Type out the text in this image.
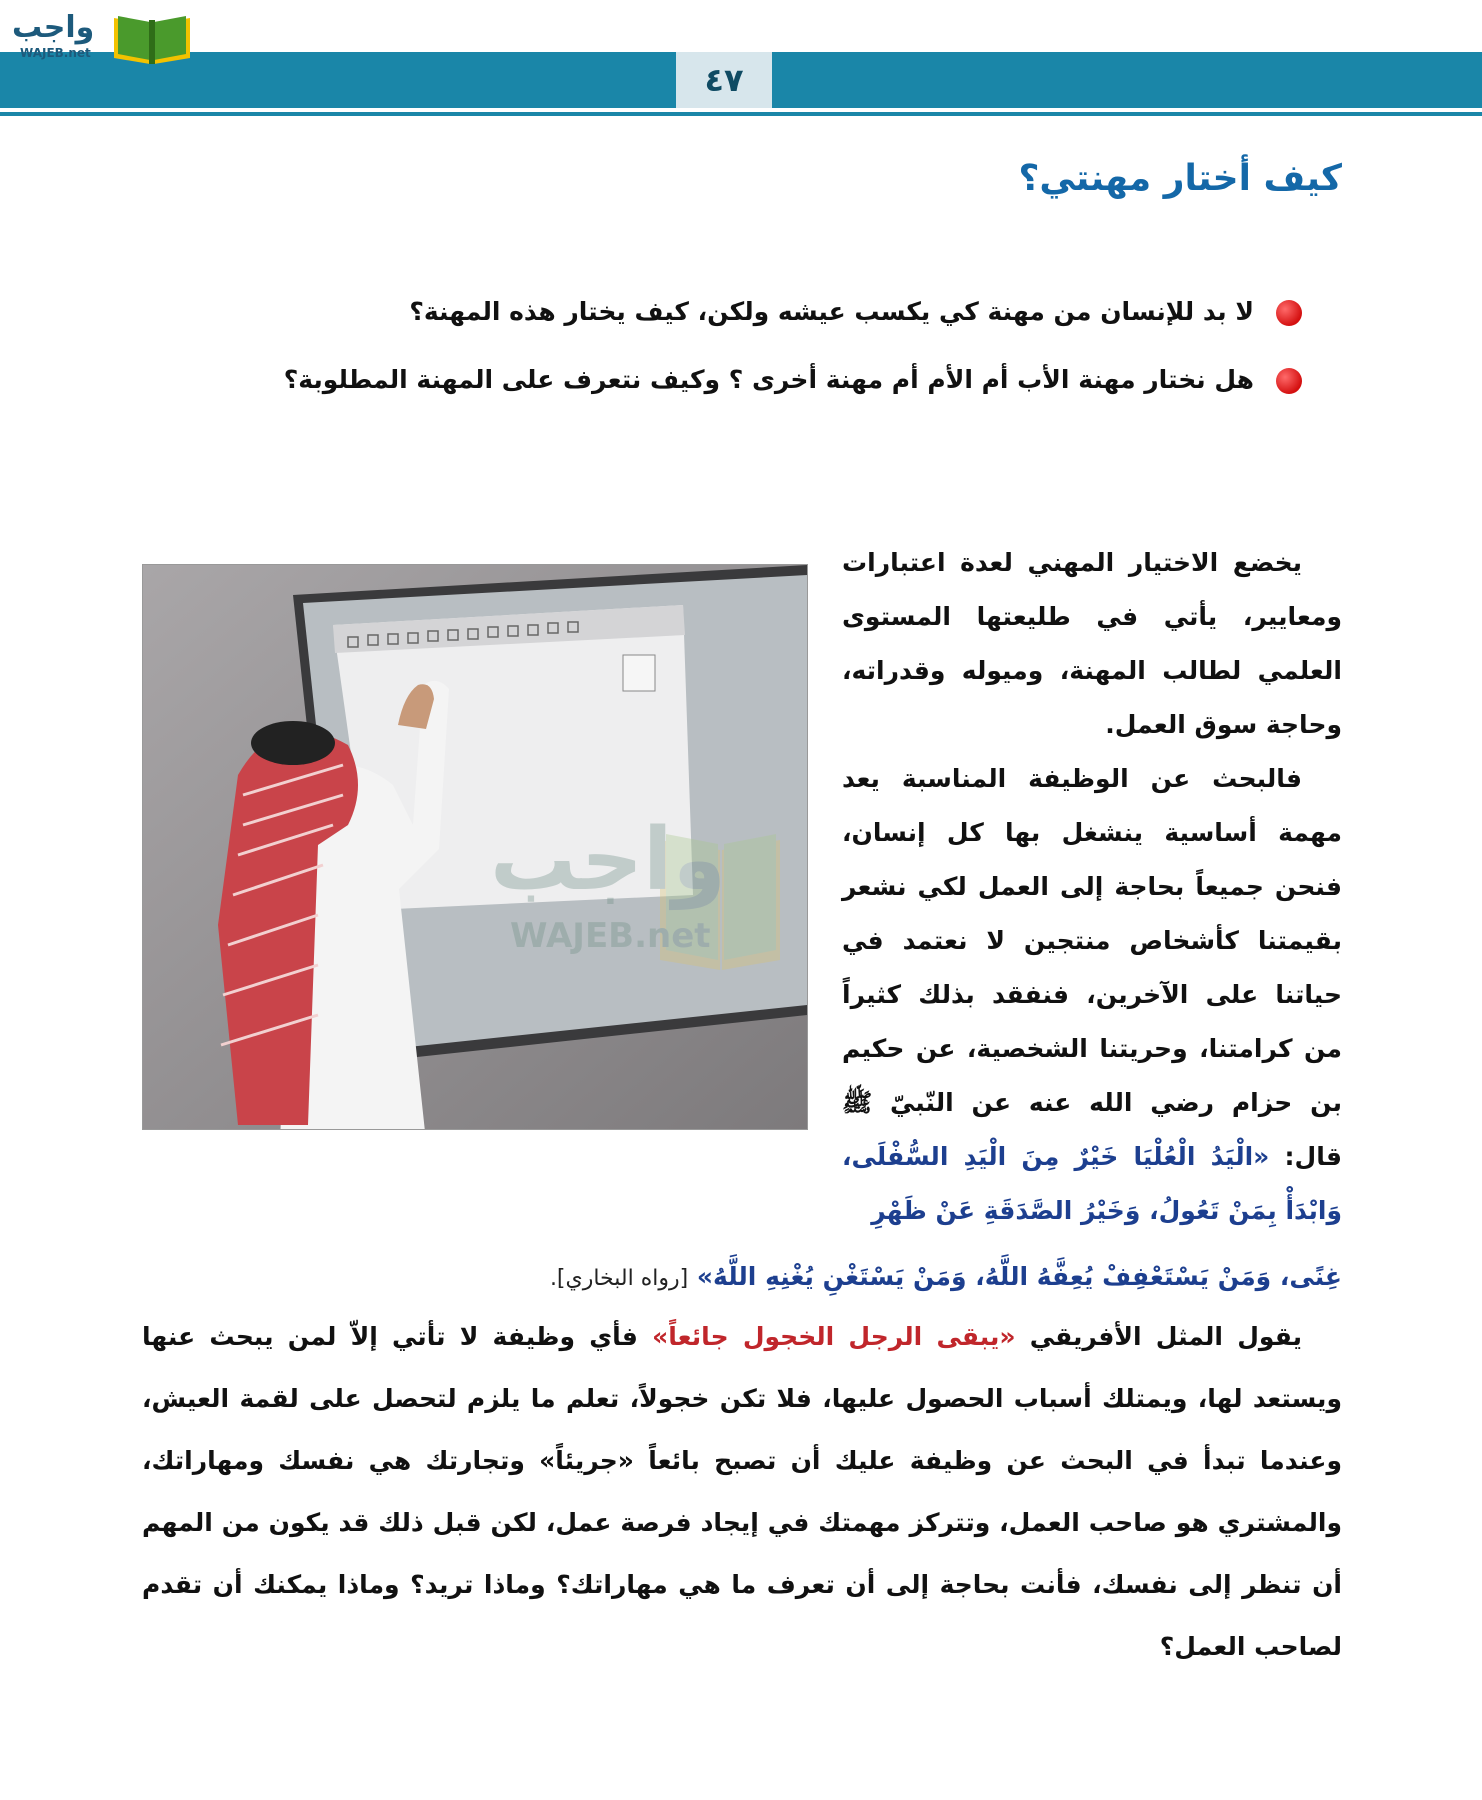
٤٧
واجب
WAJEB.net
كيف أختار مهنتي؟
لا بد للإنسان من مهنة كي يكسب عيشه ولكن، كيف يختار هذه المهنة؟
هل نختار مهنة الأب أم الأم أم مهنة أخرى ؟ وكيف نتعرف على المهنة المطلوبة؟

يخضع الاختيار المهني لعدة اعتبارات ومعايير، يأتي في طليعتها المستوى العلمي لطالب المهنة، وميوله وقدراته، وحاجة سوق العمل.

فالبحث عن الوظيفة المناسبة يعد مهمة أساسية ينشغل بها كل إنسان، فنحن جميعاً بحاجة إلى العمل لكي نشعر بقيمتنا كأشخاص منتجين لا نعتمد في حياتنا على الآخرين، فنفقد بذلك كثيراً من كرامتنا، وحريتنا الشخصية، عن حكيم بن حزام رضي الله عنه عن النّبيّ ﷺ قال: «الْيَدُ الْعُلْيَا خَيْرٌ مِنَ الْيَدِ السُّفْلَى، وَابْدَأْ بِمَنْ تَعُولُ، وَخَيْرُ الصَّدَقَةِ عَنْ ظَهْرِ

غِنًى، وَمَنْ يَسْتَعْفِفْ يُعِفَّهُ اللَّهُ، وَمَنْ يَسْتَغْنِ يُغْنِهِ اللَّهُ» [رواه البخاري].
يقول المثل الأفريقي «يبقى الرجل الخجول جائعاً» فأي وظيفة لا تأتي إلاّ لمن يبحث عنها ويستعد لها، ويمتلك أسباب الحصول عليها، فلا تكن خجولاً، تعلم ما يلزم لتحصل على لقمة العيش، وعندما تبدأ في البحث عن وظيفة عليك أن تصبح بائعاً «جريئاً» وتجارتك هي نفسك ومهاراتك، والمشتري هو صاحب العمل، وتتركز مهمتك في إيجاد فرصة عمل، لكن قبل ذلك قد يكون من المهم أن تنظر إلى نفسك، فأنت بحاجة إلى أن تعرف ما هي مهاراتك؟ وماذا تريد؟ وماذا يمكنك أن تقدم لصاحب العمل؟
واجب
WAJEB.net
